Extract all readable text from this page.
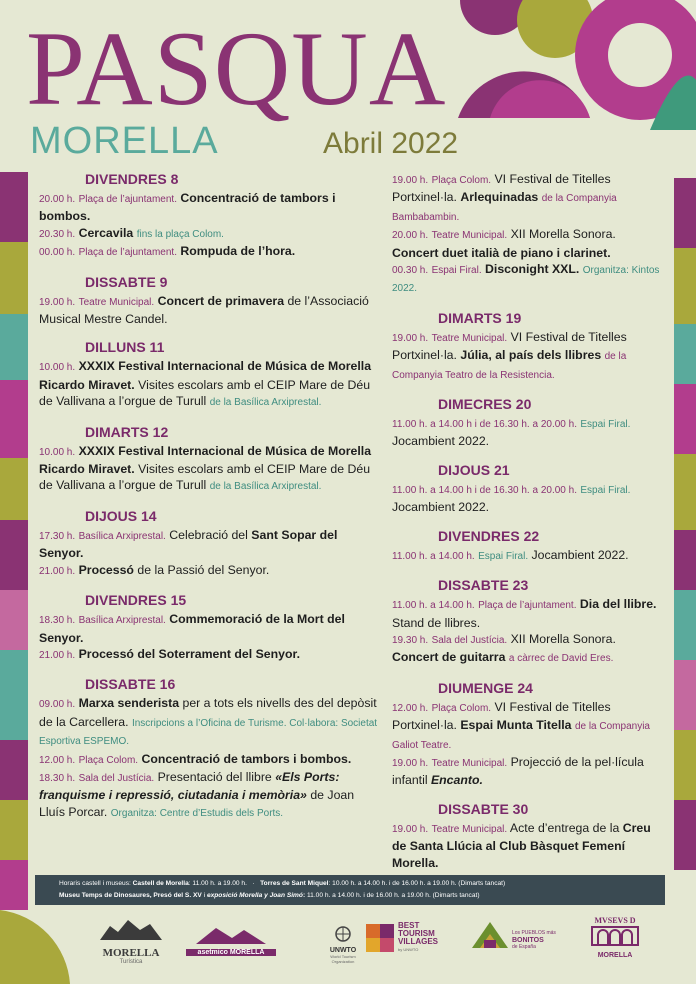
PASQUA
MORELLA	Abril 2022
DIVENDRES 8

20.00 h. Plaça de l’ajuntament. Concentració de tambors i bombos.

20.30 h. Cercavila fins la plaça Colom.

00.00 h. Plaça de l’ajuntament. Rompuda de l’hora.

DISSABTE 9

19.00 h. Teatre Municipal. Concert de primavera de l’Associació Musical Mestre Candel.

DILLUNS 11

10.00 h. XXXIX Festival Internacional de Música de Morella Ricardo Miravet. Visites escolars amb el CEIP Mare de Déu de Vallivana a l’orgue de Turull de la Basílica Arxiprestal.

DIMARTS 12

10.00 h. XXXIX Festival Internacional de Música de Morella Ricardo Miravet. Visites escolars amb el CEIP Mare de Déu de Vallivana a l’orgue de Turull de la Basílica Arxiprestal.

DIJOUS 14

17.30 h. Basílica Arxiprestal. Celebració del Sant Sopar del Senyor.

21.00 h. Processó de la Passió del Senyor.

DIVENDRES 15

18.30 h. Basílica Arxiprestal. Commemoració de la Mort del Senyor.

21.00 h. Processó del Soterrament del Senyor.

DISSABTE 16

09.00 h. Marxa senderista per a tots els nivells des del depòsit de la Carcellera. Inscripcions a l’Oficina de Turisme. Col·labora: Societat Esportiva ESPEMO.

12.00 h. Plaça Colom. Concentració de tambors i bombos.

18.30 h. Sala del Justícia. Presentació del llibre «Els Ports: franquisme i repressió, ciutadania i memòria» de Joan Lluís Porcar. Organitza: Centre d’Estudis dels Ports.

19.00 h. Plaça Colom. VI Festival de Titelles Portxinel·la. Arlequinadas de la Companyia Bambabambin.

20.00 h. Teatre Municipal. XII Morella Sonora. Concert duet italià de piano i clarinet.

00.30 h. Espai Firal. Disconight XXL. Organitza: Kintos 2022.

DIMARTS 19

19.00 h. Teatre Municipal. VI Festival de Titelles Portxinel·la. Júlia, al país dels llibres de la Companyia Teatro de la Resistencia.

DIMECRES 20

11.00 h. a 14.00 h i de 16.30 h. a 20.00 h. Espai Firal. Jocambient 2022.

DIJOUS 21

11.00 h. a 14.00 h i de 16.30 h. a 20.00 h. Espai Firal. Jocambient 2022.

DIVENDRES 22

11.00 h. a 14.00 h. Espai Firal. Jocambient 2022.

DISSABTE 23

11.00 h. a 14.00 h. Plaça de l’ajuntament. Dia del llibre. Stand de llibres.

19.30 h. Sala del Justícia. XII Morella Sonora. Concert de guitarra a càrrec de David Eres.

DIUMENGE 24

12.00 h. Plaça Colom. VI Festival de Titelles Portxinel·la. Espai Munta Titella de la Companyia Galiot Teatre.

19.00 h. Teatre Municipal. Projecció de la pel·lícula infantil Encanto.

DISSABTE 30

19.00 h. Teatre Municipal. Acte d’entrega de la Creu de Santa Llúcia al Club Bàsquet Femení Morella.

Horaris castell i museus: Castell de Morella: 11.00 h. a 19.00 h. · Torres de Sant Miquel: 10.00 h. a 14.00 h. i de 16.00 h. a 19.00 h. (Dimarts tancat)
Museu Temps de Dinosaures, Presó del S. XV i exposició Morella y Joan Simó: 11.00 h. a 14.00 h. i de 16.00 h. a 19.00 h. (Dimarts tancat)
MORELLA
Turística
asetmico MORELLA	UNWTO
World Tourism Organization
BEST
TOURISM
VILLAGES
by UNWTO
Los PUEBLOS más
BONITOS
de España
MVSEVS D
MORELLA
